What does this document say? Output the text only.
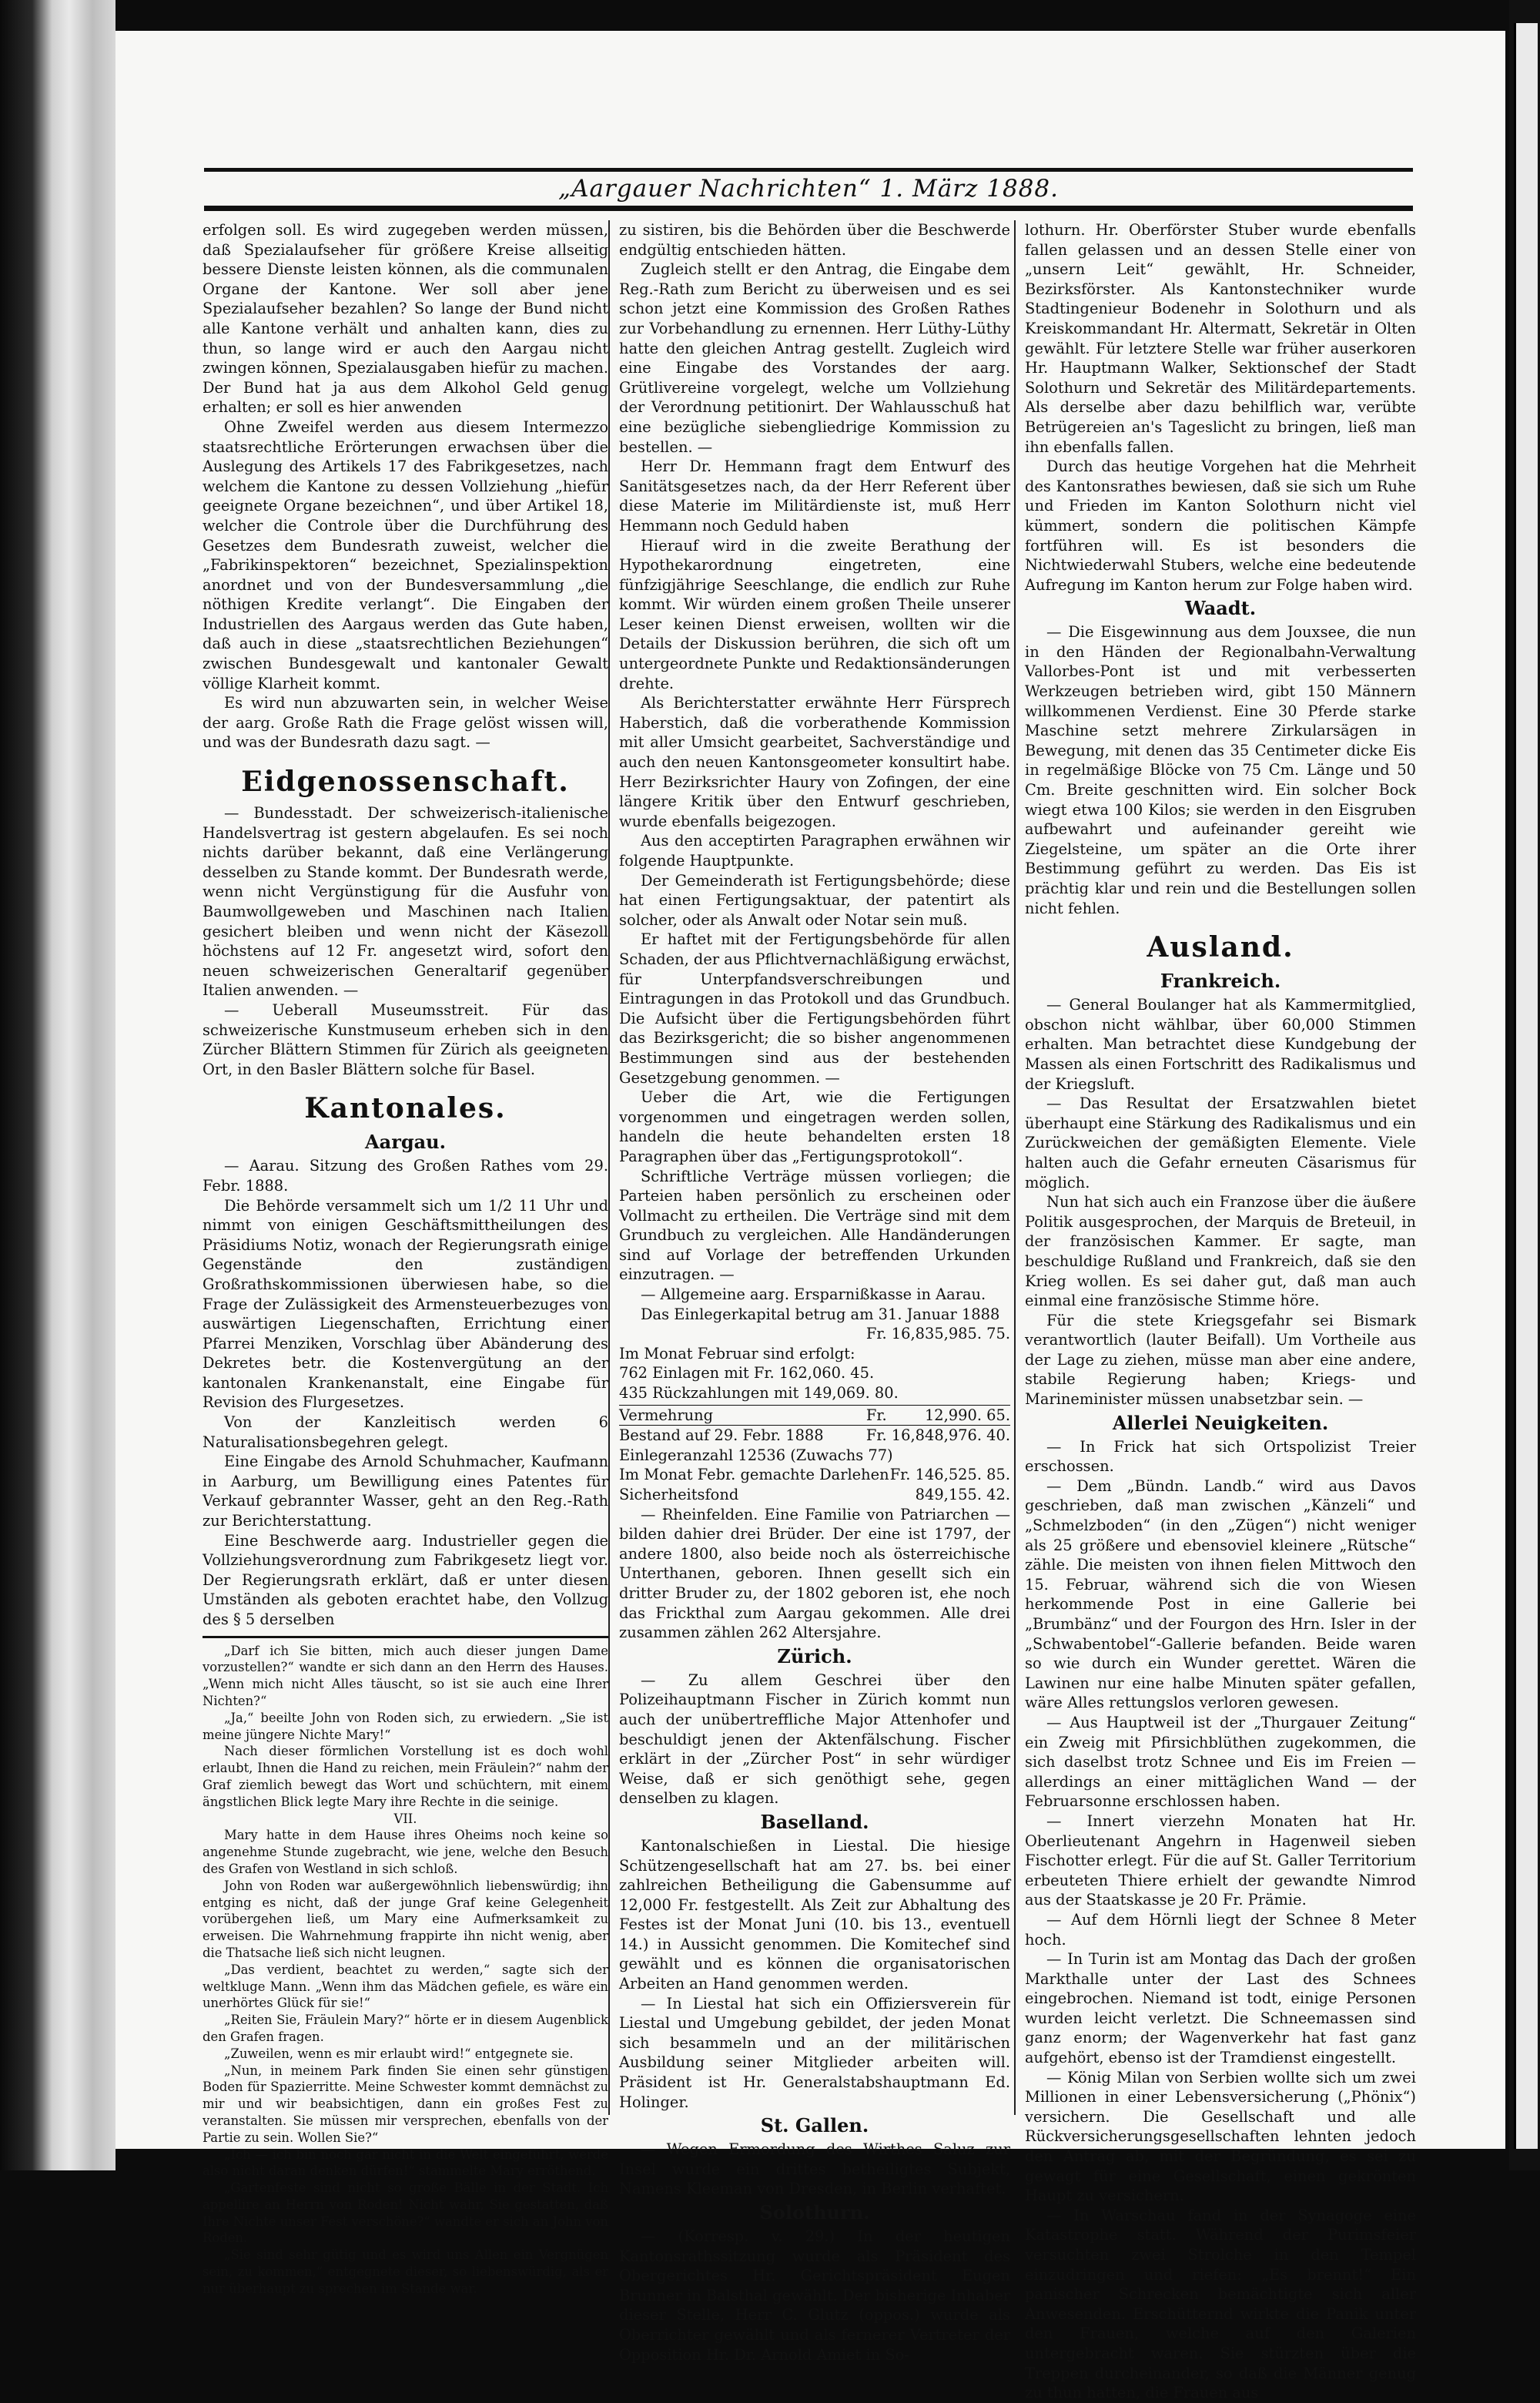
„Aargauer Nachrichten“ 1. März 1888.

erfolgen soll. Es wird zugegeben werden müssen, daß Spezialaufseher für größere Kreise allseitig bessere Dienste leisten können, als die communalen Organe der Kantone. Wer soll aber jene Spezialaufseher bezahlen? So lange der Bund nicht alle Kantone verhält und anhalten kann, dies zu thun, so lange wird er auch den Aargau nicht zwingen können, Spezialausgaben hiefür zu machen. Der Bund hat ja aus dem Alkohol Geld genug erhalten; er soll es hier anwenden

Ohne Zweifel werden aus diesem Intermezzo staatsrechtliche Erörterungen erwachsen über die Auslegung des Artikels 17 des Fabrikgesetzes, nach welchem die Kantone zu dessen Vollziehung „hiefür geeignete Organe bezeichnen“, und über Artikel 18, welcher die Controle über die Durchführung des Gesetzes dem Bundesrath zuweist, welcher die „Fabrikinspektoren“ bezeichnet, Spezialinspektion anordnet und von der Bundesversammlung „die nöthigen Kredite verlangt“. Die Eingaben der Industriellen des Aargaus werden das Gute haben, daß auch in diese „staatsrechtlichen Beziehungen“ zwischen Bundesgewalt und kantonaler Gewalt völlige Klarheit kommt.

Es wird nun abzuwarten sein, in welcher Weise der aarg. Große Rath die Frage gelöst wissen will, und was der Bundesrath dazu sagt. —

Eidgenossenschaft.

— Bundesstadt. Der schweizerisch-italienische Handelsvertrag ist gestern abgelaufen. Es sei noch nichts darüber bekannt, daß eine Verlängerung desselben zu Stande kommt. Der Bundesrath werde, wenn nicht Vergünstigung für die Ausfuhr von Baumwollgeweben und Maschinen nach Italien gesichert bleiben und wenn nicht der Käsezoll höchstens auf 12 Fr. angesetzt wird, sofort den neuen schweizerischen Generaltarif gegenüber Italien anwenden. —

— Ueberall Museumsstreit. Für das schweizerische Kunstmuseum erheben sich in den Zürcher Blättern Stimmen für Zürich als geeigneten Ort, in den Basler Blättern solche für Basel.

Kantonales.
Aargau.

— Aarau. Sitzung des Großen Rathes vom 29. Febr. 1888.

Die Behörde versammelt sich um 1/2 11 Uhr und nimmt von einigen Geschäftsmittheilungen des Präsidiums Notiz, wonach der Regierungsrath einige Gegenstände den zuständigen Großrathskommissionen überwiesen habe, so die Frage der Zulässigkeit des Armensteuerbezuges von auswärtigen Liegenschaften, Errichtung einer Pfarrei Menziken, Vorschlag über Abänderung des Dekretes betr. die Kostenvergütung an der kantonalen Krankenanstalt, eine Eingabe für Revision des Flurgesetzes.

Von der Kanzleitisch werden 6 Naturalisationsbegehren gelegt.

Eine Eingabe des Arnold Schuhmacher, Kaufmann in Aarburg, um Bewilligung eines Patentes für Verkauf gebrannter Wasser, geht an den Reg.-Rath zur Berichterstattung.

Eine Beschwerde aarg. Industrieller gegen die Vollziehungsverordnung zum Fabrikgesetz liegt vor. Der Regierungsrath erklärt, daß er unter diesen Umständen als geboten erachtet habe, den Vollzug des § 5 derselben

„Darf ich Sie bitten, mich auch dieser jungen Dame vorzustellen?“ wandte er sich dann an den Herrn des Hauses. „Wenn mich nicht Alles täuscht, so ist sie auch eine Ihrer Nichten?“

„Ja,“ beeilte John von Roden sich, zu erwiedern. „Sie ist meine jüngere Nichte Mary!“

Nach dieser förmlichen Vorstellung ist es doch wohl erlaubt, Ihnen die Hand zu reichen, mein Fräulein?“ nahm der Graf ziemlich bewegt das Wort und schüchtern, mit einem ängstlichen Blick legte Mary ihre Rechte in die seinige.

VII.

Mary hatte in dem Hause ihres Oheims noch keine so angenehme Stunde zugebracht, wie jene, welche den Besuch des Grafen von Westland in sich schloß.

John von Roden war außergewöhnlich liebenswürdig; ihn entging es nicht, daß der junge Graf keine Gelegenheit vorübergehen ließ, um Mary eine Aufmerksamkeit zu erweisen. Die Wahrnehmung frappirte ihn nicht wenig, aber die Thatsache ließ sich nicht leugnen.

„Das verdient, beachtet zu werden,“ sagte sich der weltkluge Mann. „Wenn ihm das Mädchen gefiele, es wäre ein unerhörtes Glück für sie!“

„Reiten Sie, Fräulein Mary?“ hörte er in diesem Augenblick den Grafen fragen.

„Zuweilen, wenn es mir erlaubt wird!“ entgegnete sie.

„Nun, in meinem Park finden Sie einen sehr günstigen Boden für Spazierritte. Meine Schwester kommt demnächst zu mir und wir beabsichtigen, dann ein großes Fest zu veranstalten. Sie müssen mir versprechen, ebenfalls von der Partie zu sein. Wollen Sie?“

„Ich — ich bin noch gar nicht in die Welt eingeführt, werde also nicht daran denken dürfen!“ stammelte Mary erröthend.

„Gartenfeste sind nicht so große Bälle in der Stadt. Ich appellire an Herrn von Roden! Nicht wahr, Sie gestatten, daß Ihre Nichte unser Fest verschöne?“ wandte er sich an John von Roden.

„Sie sind sehr gütig und es wird uns Allen ein Vergnügen sein, zu kommen,“ entgegnete dieser, so liebenswürdig, als er nur überhaupt zu sprechen im Stande war.

zu sistiren, bis die Behörden über die Beschwerde endgültig entschieden hätten.

Zugleich stellt er den Antrag, die Eingabe dem Reg.-Rath zum Bericht zu überweisen und es sei schon jetzt eine Kommission des Großen Rathes zur Vorbehandlung zu ernennen. Herr Lüthy-Lüthy hatte den gleichen Antrag gestellt. Zugleich wird eine Eingabe des Vorstandes der aarg. Grütlivereine vorgelegt, welche um Vollziehung der Verordnung petitionirt. Der Wahlausschuß hat eine bezügliche siebengliedrige Kommission zu bestellen. —

Herr Dr. Hemmann fragt dem Entwurf des Sanitätsgesetzes nach, da der Herr Referent über diese Materie im Militärdienste ist, muß Herr Hemmann noch Geduld haben

Hierauf wird in die zweite Berathung der Hypothekarordnung eingetreten, eine fünfzigjährige Seeschlange, die endlich zur Ruhe kommt. Wir würden einem großen Theile unserer Leser keinen Dienst erweisen, wollten wir die Details der Diskussion berühren, die sich oft um untergeordnete Punkte und Redaktionsänderungen drehte.

Als Berichterstatter erwähnte Herr Fürsprech Haberstich, daß die vorberathende Kommission mit aller Umsicht gearbeitet, Sachverständige und auch den neuen Kantonsgeometer konsultirt habe. Herr Bezirksrichter Haury von Zofingen, der eine längere Kritik über den Entwurf geschrieben, wurde ebenfalls beigezogen.

Aus den acceptirten Paragraphen erwähnen wir folgende Hauptpunkte.

Der Gemeinderath ist Fertigungsbehörde; diese hat einen Fertigungsaktuar, der patentirt als solcher, oder als Anwalt oder Notar sein muß.

Er haftet mit der Fertigungsbehörde für allen Schaden, der aus Pflichtvernachläßigung erwächst, für Unterpfandsverschreibungen und Eintragungen in das Protokoll und das Grundbuch. Die Aufsicht über die Fertigungsbehörden führt das Bezirksgericht; die so bisher angenommenen Bestimmungen sind aus der bestehenden Gesetzgebung genommen. —

Ueber die Art, wie die Fertigungen vorgenommen und eingetragen werden sollen, handeln die heute behandelten ersten 18 Paragraphen über das „Fertigungsprotokoll“.

Schriftliche Verträge müssen vorliegen; die Parteien haben persönlich zu erscheinen oder Vollmacht zu ertheilen. Die Verträge sind mit dem Grundbuch zu vergleichen. Alle Handänderungen sind auf Vorlage der betreffenden Urkunden einzutragen. —

— Allgemeine aarg. Ersparnißkasse in Aarau.

Das Einlegerkapital betrug am 31. Januar 1888

Fr. 16,835,985. 75.

Im Monat Februar sind erfolgt:

762 Einlagen mit Fr. 162,060. 45.

435 Rückzahlungen mit 149,069. 80.

Vermehrung	Fr.        12,990. 65.
Bestand auf 29. Febr. 1888	Fr. 16,848,976. 40.

Einlegeranzahl 12536 (Zuwachs 77)

Im Monat Febr. gemachte Darlehen Fr. 146,525. 85.
Sicherheitsfond	849,155. 42.

— Rheinfelden. Eine Familie von Patriarchen — bilden dahier drei Brüder. Der eine ist 1797, der andere 1800, also beide noch als österreichische Unterthanen, geboren. Ihnen gesellt sich ein dritter Bruder zu, der 1802 geboren ist, ehe noch das Frickthal zum Aargau gekommen. Alle drei zusammen zählen 262 Altersjahre.

Zürich.

— Zu allem Geschrei über den Polizeihauptmann Fischer in Zürich kommt nun auch der unübertreffliche Major Attenhofer und beschuldigt jenen der Aktenfälschung. Fischer erklärt in der „Zürcher Post“ in sehr würdiger Weise, daß er sich genöthigt sehe, gegen denselben zu klagen.

Baselland.

Kantonalschießen in Liestal. Die hiesige Schützengesellschaft hat am 27. bs. bei einer zahlreichen Betheiligung die Gabensumme auf 12,000 Fr. festgestellt. Als Zeit zur Abhaltung des Festes ist der Monat Juni (10. bis 13., eventuell 14.) in Aussicht genommen. Die Komitechef sind gewählt und es können die organisatorischen Arbeiten an Hand genommen werden.

— In Liestal hat sich ein Offiziersverein für Liestal und Umgebung gebildet, der jeden Monat sich besammeln und an der militärischen Ausbildung seiner Mitglieder arbeiten will. Präsident ist Hr. Generalstabshauptmann Ed. Holinger.

St. Gallen.

— Wegen Ermordung des Wirthes Saluz zur Insel wurde ein drittes betheiligtes Subjekt, Namens Kleeman von Dresden, in Berlin verhaftet.

Solothurn.

— (Korresp. v. 29.) In der heutigen Kantonsrathssitzung wurde als Präsident des Obergerichtes Hr. Gerichtspräsident Eugen Brunner in Balsthal gewählt. Der bisherige Inhaber dieser Stelle, Herr C. Glutz (oppos.) wurde als Oberrichter gewählt und als fernerer Vertreter der Opposition Hr. Dr. Arnold Amiet in So-

lothurn. Hr. Oberförster Stuber wurde ebenfalls fallen gelassen und an dessen Stelle einer von „unsern Leit“ gewählt, Hr. Schneider, Bezirksförster. Als Kantonstechniker wurde Stadtingenieur Bodenehr in Solothurn und als Kreiskommandant Hr. Altermatt, Sekretär in Olten gewählt. Für letztere Stelle war früher auserkoren Hr. Hauptmann Walker, Sektionschef der Stadt Solothurn und Sekretär des Militärdepartements. Als derselbe aber dazu behilflich war, verübte Betrügereien an's Tageslicht zu bringen, ließ man ihn ebenfalls fallen.

Durch das heutige Vorgehen hat die Mehrheit des Kantonsrathes bewiesen, daß sie sich um Ruhe und Frieden im Kanton Solothurn nicht viel kümmert, sondern die politischen Kämpfe fortführen will. Es ist besonders die Nichtwiederwahl Stubers, welche eine bedeutende Aufregung im Kanton herum zur Folge haben wird.

Waadt.

— Die Eisgewinnung aus dem Jouxsee, die nun in den Händen der Regionalbahn-Verwaltung Vallorbes-Pont ist und mit verbesserten Werkzeugen betrieben wird, gibt 150 Männern willkommenen Verdienst. Eine 30 Pferde starke Maschine setzt mehrere Zirkularsägen in Bewegung, mit denen das 35 Centimeter dicke Eis in regelmäßige Blöcke von 75 Cm. Länge und 50 Cm. Breite geschnitten wird. Ein solcher Bock wiegt etwa 100 Kilos; sie werden in den Eisgruben aufbewahrt und aufeinander gereiht wie Ziegelsteine, um später an die Orte ihrer Bestimmung geführt zu werden. Das Eis ist prächtig klar und rein und die Bestellungen sollen nicht fehlen.

Ausland.
Frankreich.

— General Boulanger hat als Kammermitglied, obschon nicht wählbar, über 60,000 Stimmen erhalten. Man betrachtet diese Kundgebung der Massen als einen Fortschritt des Radikalismus und der Kriegsluft.

— Das Resultat der Ersatzwahlen bietet überhaupt eine Stärkung des Radikalismus und ein Zurückweichen der gemäßigten Elemente. Viele halten auch die Gefahr erneuten Cäsarismus für möglich.

Nun hat sich auch ein Franzose über die äußere Politik ausgesprochen, der Marquis de Breteuil, in der französischen Kammer. Er sagte, man beschuldige Rußland und Frankreich, daß sie den Krieg wollen. Es sei daher gut, daß man auch einmal eine französische Stimme höre.

Für die stete Kriegsgefahr sei Bismark verantwortlich (lauter Beifall). Um Vortheile aus der Lage zu ziehen, müsse man aber eine andere, stabile Regierung haben; Kriegs- und Marineminister müssen unabsetzbar sein. —

Allerlei Neuigkeiten.

— In Frick hat sich Ortspolizist Treier erschossen.

— Dem „Bündn. Landb.“ wird aus Davos geschrieben, daß man zwischen „Känzeli“ und „Schmelzboden“ (in den „Zügen“) nicht weniger als 25 größere und ebensoviel kleinere „Rütsche“ zähle. Die meisten von ihnen fielen Mittwoch den 15. Februar, während sich die von Wiesen herkommende Post in eine Gallerie bei „Brumbänz“ und der Fourgon des Hrn. Isler in der „Schwabentobel“-Gallerie befanden. Beide waren so wie durch ein Wunder gerettet. Wären die Lawinen nur eine halbe Minuten später gefallen, wäre Alles rettungslos verloren gewesen.

— Aus Hauptweil ist der „Thurgauer Zeitung“ ein Zweig mit Pfirsichblüthen zugekommen, die sich daselbst trotz Schnee und Eis im Freien — allerdings an einer mittäglichen Wand — der Februarsonne erschlossen haben.

— Innert vierzehn Monaten hat Hr. Oberlieutenant Angehrn in Hagenweil sieben Fischotter erlegt. Für die auf St. Galler Territorium erbeuteten Thiere erhielt der gewandte Nimrod aus der Staatskasse je 20 Fr. Prämie.

— Auf dem Hörnli liegt der Schnee 8 Meter hoch.

— In Turin ist am Montag das Dach der großen Markthalle unter der Last des Schnees eingebrochen. Niemand ist todt, einige Personen wurden leicht verletzt. Die Schneemassen sind ganz enorm; der Wagenverkehr hat fast ganz aufgehört, ebenso ist der Tramdienst eingestellt.

— König Milan von Serbien wollte sich um zwei Millionen in einer Lebensversicherung („Phönix“) versichern. Die Gesellschaft und alle Rückversicherungsgesellschaften lehnten jedoch den Antrag ab, mit der Begründung, es sei zu gewagt für eine Gesellschaft, einen gekrönten Haupt zu versichern.

— In Warschau fand in der Synagoge eine Katastrophe statt. Während der Purimsfeier versuchten zwei Strolche in den Tempel einzudringen und riefen: „Es brennt!“ Ein panischer Schrecken bemächtigte sich aller Anwesenden. Erschütternd wirkte die Panik unter den Frauen, welche auf den Galerien untergebracht waren. Sie stürzten über die Treppen durcheinander, so daß die Männer genug zu thun hatten, die Frauen aus
